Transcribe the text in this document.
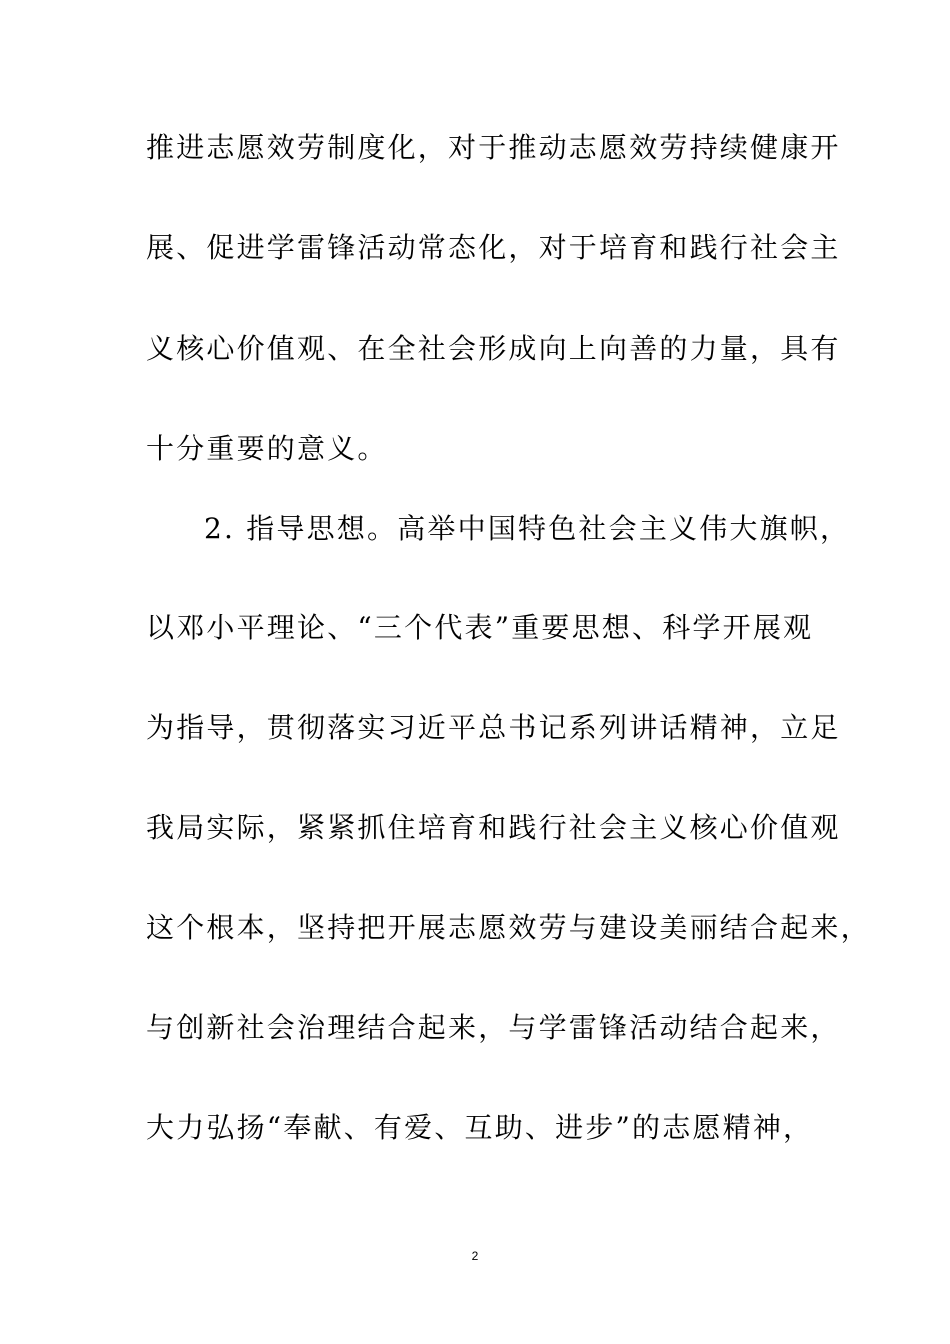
推进志愿效劳制度化，对于推动志愿效劳持续健康开
展、促进学雷锋活动常态化，对于培育和践行社会主
义核心价值观、在全社会形成向上向善的力量，具有
十分重要的意义。
2. 指导思想。高举中国特色社会主义伟大旗帜，
以邓小平理论、“三个代表”重要思想、科学开展观
为指导，贯彻落实习近平总书记系列讲话精神，立足
我局实际，紧紧抓住培育和践行社会主义核心价值观
这个根本，坚持把开展志愿效劳与建设美丽结合起来，
与创新社会治理结合起来，与学雷锋活动结合起来，
大力弘扬“奉献、有爱、互助、进步”的志愿精神，
2
